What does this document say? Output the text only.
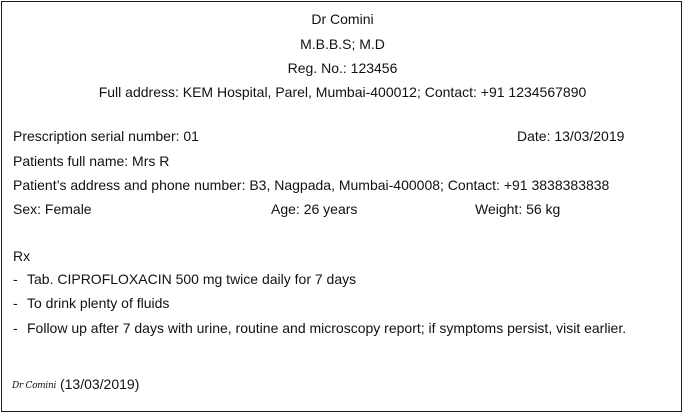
Dr Comini
M.B.B.S; M.D
Reg. No.: 123456
Full address: KEM Hospital, Parel, Mumbai-400012; Contact: +91 1234567890
Prescription serial number: 01	Date: 13/03/2019
Patients full name: Mrs R
Patient’s address and phone number: B3, Nagpada, Mumbai-400008; Contact: +91 3838383838
Sex: Female	Age: 26 years	Weight: 56 kg
Rx
- Tab. CIPROFLOXACIN 500 mg twice daily for 7 days
- To drink plenty of fluids
- Follow up after 7 days with urine, routine and microscopy report; if symptoms persist, visit earlier.
Dr Comini (13/03/2019)
